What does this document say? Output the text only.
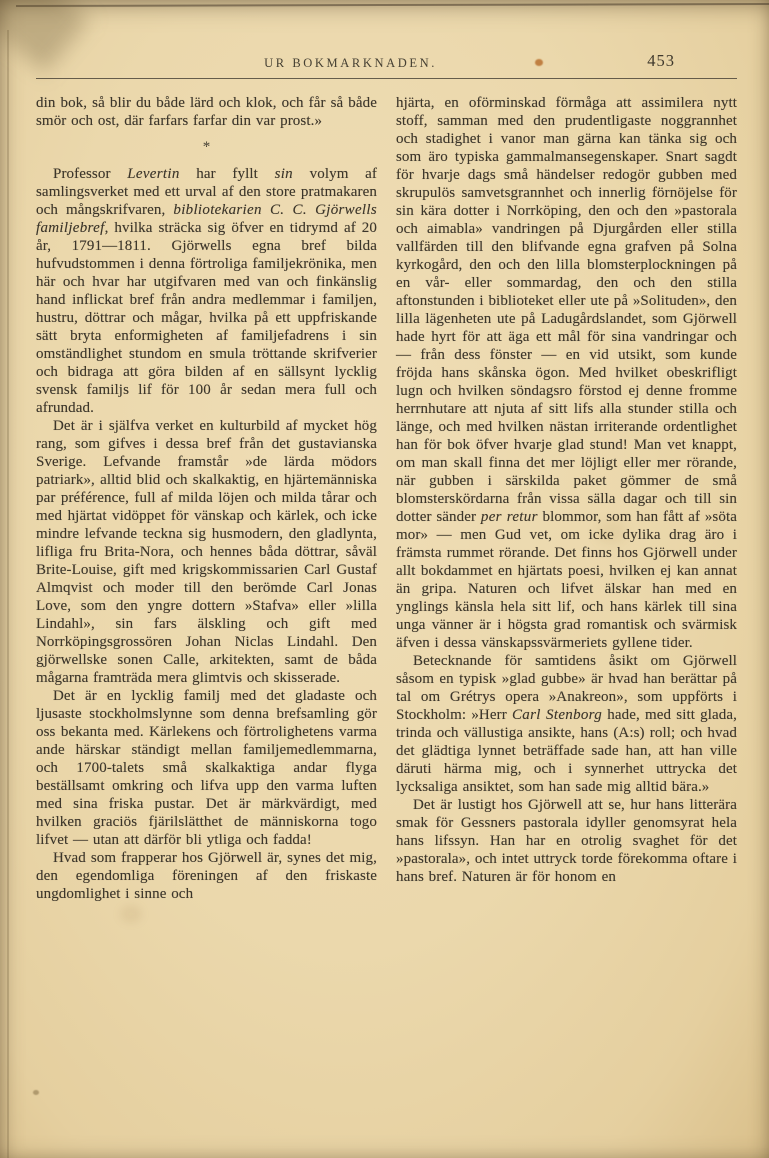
UR BOKMARKNADEN.	453

din bok, så blir du både lärd och klok, och får så både smör och ost, där farfars farfar din var prost.»

*

Professor Levertin har fyllt sin volym af samlingsverket med ett urval af den store pratmakaren och mångskrifvaren, bibliotekarien C. C. Gjörwells familjebref, hvilka sträcka sig öfver en tidrymd af 20 år, 1791—1811. Gjörwells egna bref bilda hufvudstommen i denna förtroliga familjekrönika, men här och hvar har utgifvaren med van och finkänslig hand inflickat bref från andra medlemmar i familjen, hustru, döttrar och mågar, hvilka på ett uppfriskande sätt bryta enformigheten af familjefadrens i sin omständlighet stundom en smula tröttande skrifverier och bidraga att göra bilden af en sällsynt lycklig svensk familjs lif för 100 år sedan mera full och afrundad.

Det är i själfva verket en kulturbild af mycket hög rang, som gifves i dessa bref från det gustavianska Sverige. Lefvande framstår »de lärda mödors patriark», alltid blid och skalkaktig, en hjärtemänniska par préférence, full af milda löjen och milda tårar och med hjärtat vidöppet för vänskap och kärlek, och icke mindre lefvande teckna sig husmodern, den gladlynta, lifliga fru Brita-Nora, och hennes båda döttrar, såväl Brite-Louise, gift med krigskommissarien Carl Gustaf Almqvist och moder till den berömde Carl Jonas Love, som den yngre dottern »Stafva» eller »lilla Lindahl», sin fars älskling och gift med Norrköpingsgrossören Johan Niclas Lindahl. Den gjörwellske sonen Calle, arkitekten, samt de båda mågarna framträda mera glimtvis och skisserade.

Det är en lycklig familj med det gladaste och ljusaste stockholmslynne som denna brefsamling gör oss bekanta med. Kärlekens och förtrolighetens varma ande härskar ständigt mellan familjemedlemmarna, och 1700-talets små skalkaktiga andar flyga beställsamt omkring och lifva upp den varma luften med sina friska pustar. Det är märkvärdigt, med hvilken graciös fjärilslätthet de människorna togo lifvet — utan att därför bli ytliga och fadda!

Hvad som frapperar hos Gjörwell är, synes det mig, den egendomliga föreningen af den friskaste ungdomlighet i sinne och

hjärta, en oförminskad förmåga att assimilera nytt stoff, samman med den prudentligaste noggrannhet och stadighet i vanor man gärna kan tänka sig och som äro typiska gammalmansegenskaper. Snart sagdt för hvarje dags små händelser redogör gubben med skrupulös samvetsgrannhet och innerlig förnöjelse för sin kära dotter i Norrköping, den och den »pastorala och aimabla» vandringen på Djurgården eller stilla vallfärden till den blifvande egna grafven på Solna kyrkogård, den och den lilla blomsterplockningen på en vår- eller sommardag, den och den stilla aftonstunden i biblioteket eller ute på »Solituden», den lilla lägenheten ute på Ladugårdslandet, som Gjörwell hade hyrt för att äga ett mål för sina vandringar och — från dess fönster — en vid utsikt, som kunde fröjda hans skånska ögon. Med hvilket obeskrifligt lugn och hvilken söndagsro förstod ej denne fromme herrnhutare att njuta af sitt lifs alla stunder stilla och länge, och med hvilken nästan irriterande ordentlighet han för bok öfver hvarje glad stund! Man vet knappt, om man skall finna det mer löjligt eller mer rörande, när gubben i särskilda paket gömmer de små blomsterskördarna från vissa sälla dagar och till sin dotter sänder per retur blommor, som han fått af »söta mor» — men Gud vet, om icke dylika drag äro i främsta rummet rörande. Det finns hos Gjörwell under allt bokdammet en hjärtats poesi, hvilken ej kan annat än gripa. Naturen och lifvet älskar han med en ynglings känsla hela sitt lif, och hans kärlek till sina unga vänner är i högsta grad romantisk och svärmisk äfven i dessa vänskapssvärmeriets gyllene tider.

Betecknande för samtidens åsikt om Gjörwell såsom en typisk »glad gubbe» är hvad han berättar på tal om Grétrys opera »Anakreon», som uppförts i Stockholm: »Herr Carl Stenborg hade, med sitt glada, trinda och vällustiga ansikte, hans (A:s) roll; och hvad det glädtiga lynnet beträffade sade han, att han ville däruti härma mig, och i synnerhet uttrycka det lycksaliga ansiktet, som han sade mig alltid bära.»

Det är lustigt hos Gjörwell att se, hur hans litterära smak för Gessners pastorala idyller genomsyrat hela hans lifssyn. Han har en otrolig svaghet för det »pastorala», och intet uttryck torde förekomma oftare i hans bref. Naturen är för honom en
